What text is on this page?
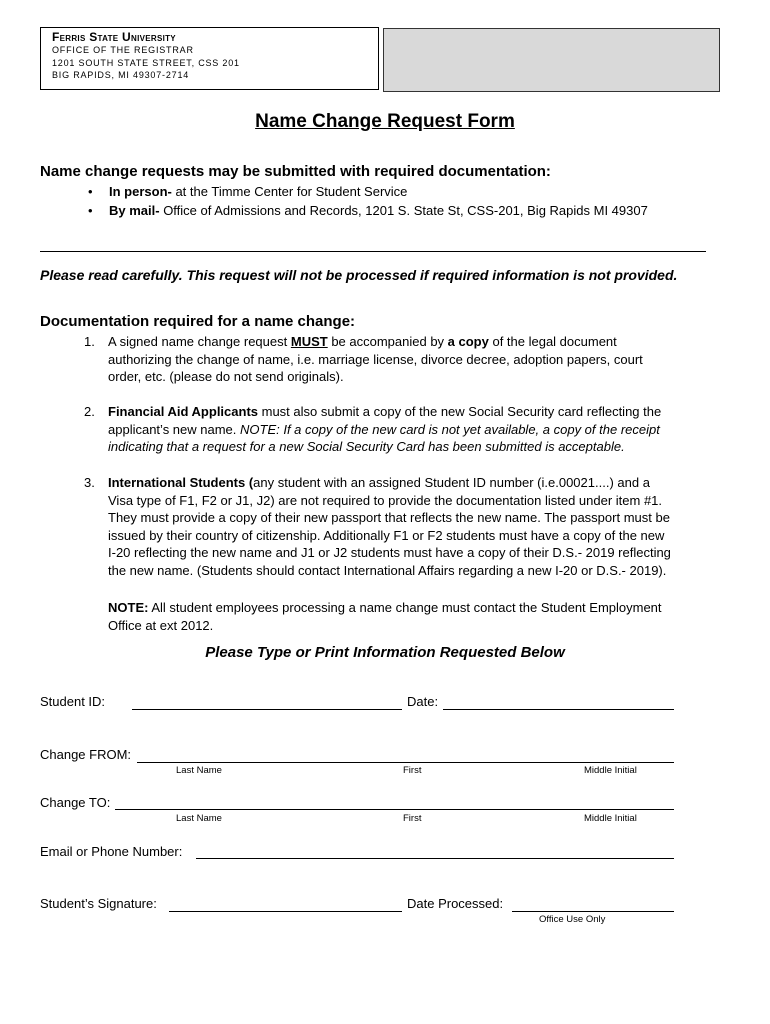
Ferris State University
OFFICE OF THE REGISTRAR
1201 SOUTH STATE STREET, CSS 201
BIG RAPIDS, MI 49307-2714
Name Change Request Form
Name change requests may be submitted with required documentation:
• In person- at the Timme Center for Student Service
• By mail- Office of Admissions and Records, 1201 S. State St, CSS-201, Big Rapids MI 49307
Please read carefully. This request will not be processed if required information is not provided.
Documentation required for a name change:
1. A signed name change request MUST be accompanied by a copy of the legal document
authorizing the change of name, i.e. marriage license, divorce decree, adoption papers, court
order, etc. (please do not send originals).
2. Financial Aid Applicants must also submit a copy of the new Social Security card reflecting the
applicant’s new name. NOTE: If a copy of the new card is not yet available, a copy of the receipt
indicating that a request for a new Social Security Card has been submitted is acceptable.
3. International Students (any student with an assigned Student ID number (i.e.00021....) and a
Visa type of F1, F2 or J1, J2) are not required to provide the documentation listed under item #1.
They must provide a copy of their new passport that reflects the new name. The passport must be
issued by their country of citizenship. Additionally F1 or F2 students must have a copy of the new
I-20 reflecting the new name and J1 or J2 students must have a copy of their D.S.- 2019 reflecting
the new name. (Students should contact International Affairs regarding a new I-20 or D.S.- 2019).
NOTE: All student employees processing a name change must contact the Student Employment
Office at ext 2012.
Please Type or Print Information Requested Below
Student ID:	Date:
Change FROM:
Last Name	First	Middle Initial
Change TO:
Last Name	First	Middle Initial
Email or Phone Number:
Student’s Signature:	Date Processed:
Office Use Only
